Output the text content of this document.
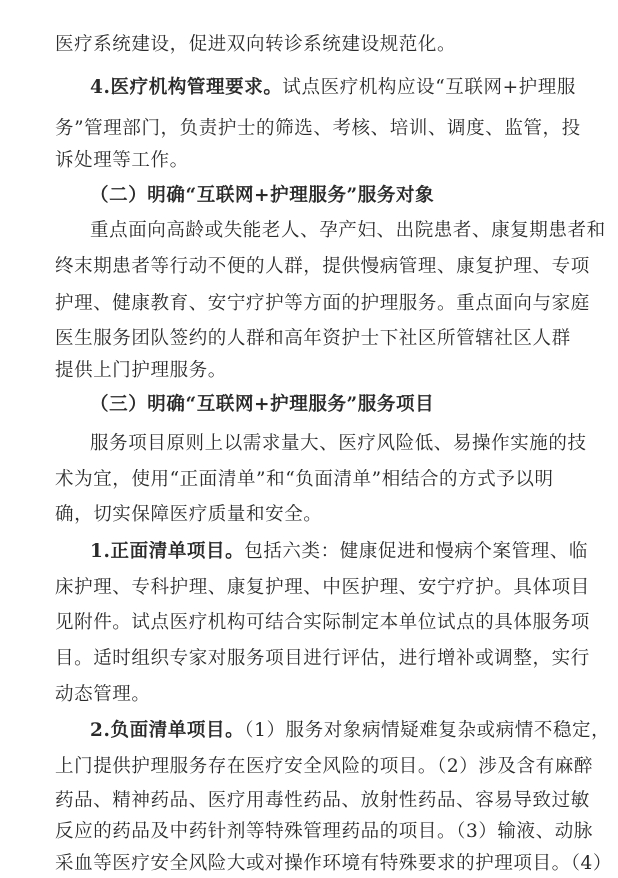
医疗系统建设，促进双向转诊系统建设规范化。
4.医疗机构管理要求。试点医疗机构应设“互联网+护理服
务”管理部门，负责护士的筛选、考核、培训、调度、监管，投
诉处理等工作。
（二）明确“互联网+护理服务”服务对象
重点面向高龄或失能老人、孕产妇、出院患者、康复期患者和
终末期患者等行动不便的人群，提供慢病管理、康复护理、专项
护理、健康教育、安宁疗护等方面的护理服务。重点面向与家庭
医生服务团队签约的人群和高年资护士下社区所管辖社区人群
提供上门护理服务。
（三）明确“互联网+护理服务”服务项目
服务项目原则上以需求量大、医疗风险低、易操作实施的技
术为宜，使用“正面清单”和“负面清单”相结合的方式予以明
确，切实保障医疗质量和安全。
1.正面清单项目。包括六类：健康促进和慢病个案管理、临
床护理、专科护理、康复护理、中医护理、安宁疗护。具体项目
见附件。试点医疗机构可结合实际制定本单位试点的具体服务项
目。适时组织专家对服务项目进行评估，进行增补或调整，实行
动态管理。
2.负面清单项目。（1）服务对象病情疑难复杂或病情不稳定，
上门提供护理服务存在医疗安全风险的项目。（2）涉及含有麻醉
药品、精神药品、医疗用毒性药品、放射性药品、容易导致过敏
反应的药品及中药针剂等特殊管理药品的项目。（3）输液、动脉
采血等医疗安全风险大或对操作环境有特殊要求的护理项目。（4）
